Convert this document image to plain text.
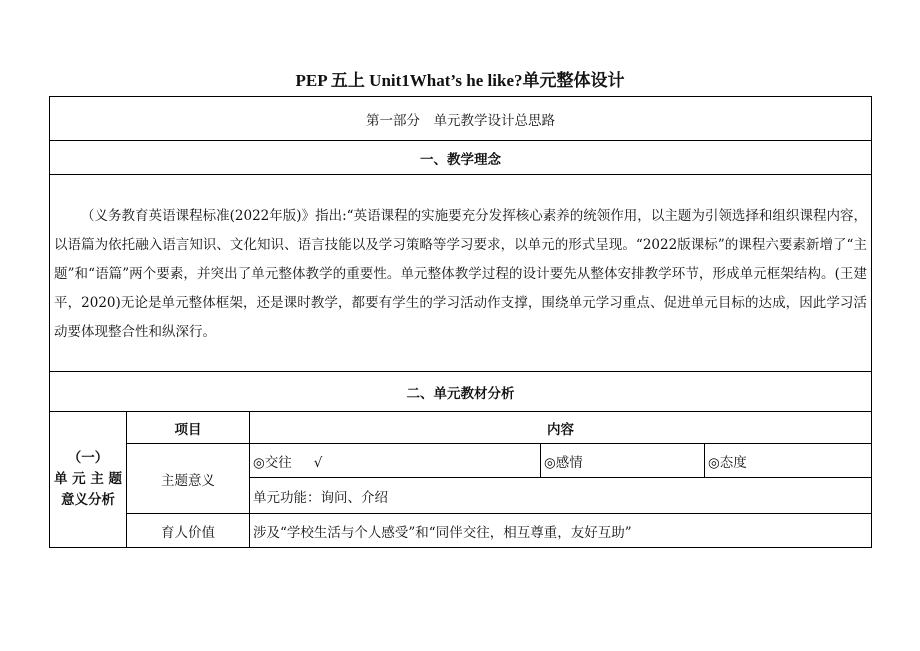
PEP 五上 Unit1What’s he like?单元整体设计
第一部分　单元教学设计总思路				
一、教学理念				
（义务教育英语课程标准(2022年版)》指出:“英语课程的实施要充分发挥核心素养的统领作用，以主题为引领选择和组织课程内容，以语篇为依托融入语言知识、文化知识、语言技能以及学习策略等学习要求，以单元的形式呈现。“2022版课标”的课程六要素新增了“主题”和“语篇”两个要素，并突出了单元整体教学的重要性。单元整体教学过程的设计要先从整体安排教学环节，形成单元框架结构。(王建平，2020)无论是单元整体框架，还是课时教学，都要有学生的学习活动作支撑，围绕单元学习重点、促进单元目标的达成，因此学习活动要体现整合性和纵深行。				
二、单元教材分析				

（一）
单 元 主 题
意义分析	项目	内容		
	主题意义	◎交往 √	◎感情	◎态度
		单元功能：询问、介绍		
	育人价值	涉及“学校生活与个人感受”和“同伴交往，相互尊重，友好互助”		
